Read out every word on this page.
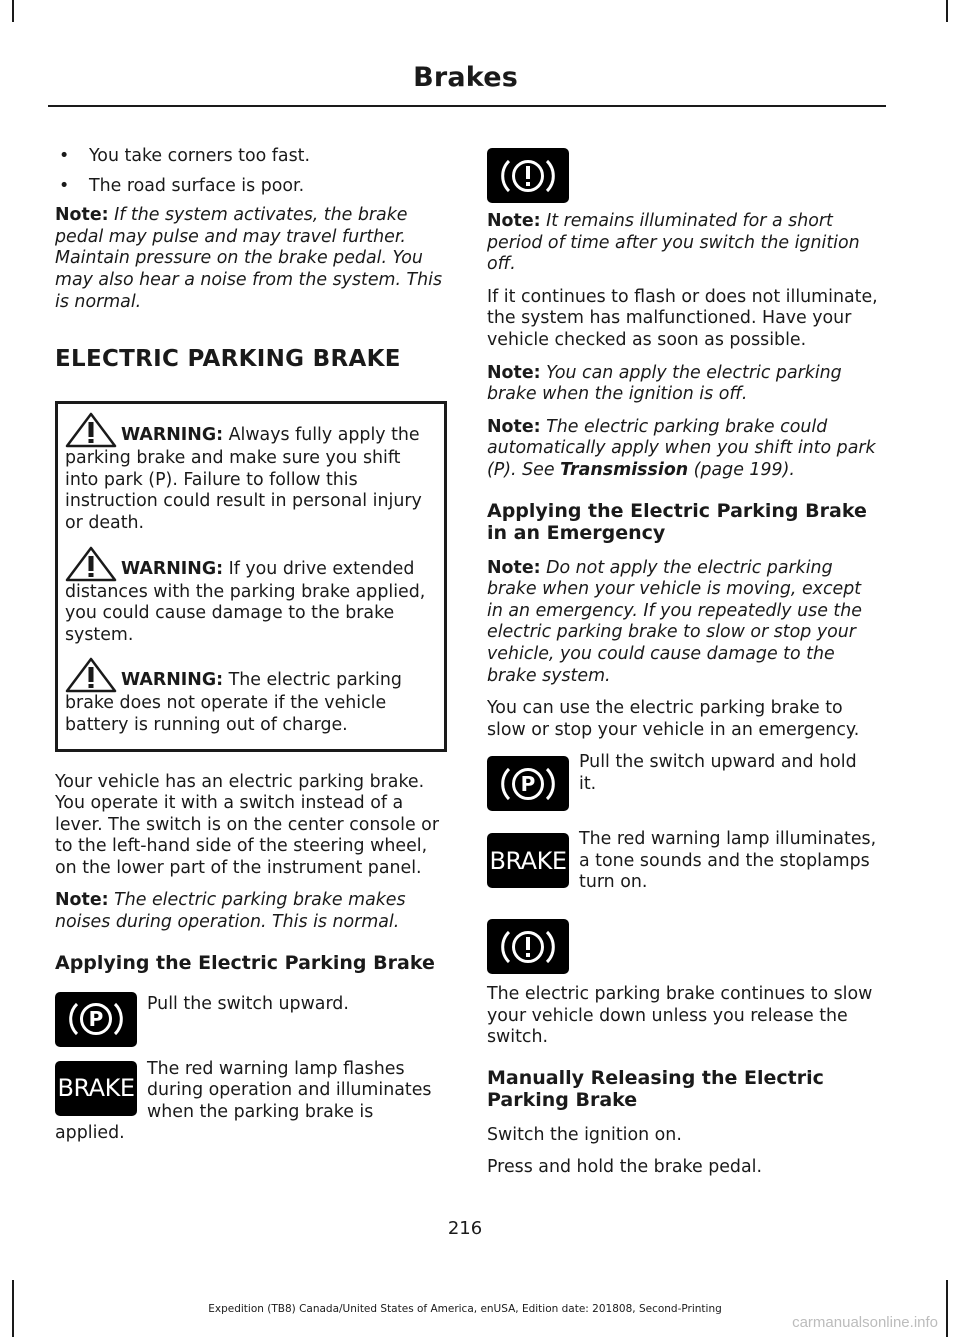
Brakes

• You take corners too fast.

• The road surface is poor.

Note: If the system activates, the brake pedal may pulse and may travel further. Maintain pressure on the brake pedal. You may also hear a noise from the system. This is normal.

ELECTRIC PARKING BRAKE

WARNING: Always fully apply the parking brake and make sure you shift into park (P). Failure to follow this instruction could result in personal injury or death.

WARNING: If you drive extended distances with the parking brake applied, you could cause damage to the brake system.

WARNING: The electric parking brake does not operate if the vehicle battery is running out of charge.

Your vehicle has an electric parking brake. You operate it with a switch instead of a lever. The switch is on the center console or to the left-hand side of the steering wheel, on the lower part of the instrument panel.

Note: The electric parking brake makes noises during operation. This is normal.

Applying the Electric Parking Brake
P

Pull the switch upward.

BRAKE

The red warning lamp flashes during operation and illuminates when the parking brake is applied.

Note: It remains illuminated for a short period of time after you switch the ignition off.

If it continues to flash or does not illuminate, the system has malfunctioned. Have your vehicle checked as soon as possible.

Note: You can apply the electric parking brake when the ignition is off.

Note: The electric parking brake could automatically apply when you shift into park (P). See Transmission (page 199).

Applying the Electric Parking Brake in an Emergency

Note: Do not apply the electric parking brake when your vehicle is moving, except in an emergency. If you repeatedly use the electric parking brake to slow or stop your vehicle, you could cause damage to the brake system.

You can use the electric parking brake to slow or stop your vehicle in an emergency.

P

Pull the switch upward and hold it.

BRAKE

The red warning lamp illuminates, a tone sounds and the stoplamps turn on.

The electric parking brake continues to slow your vehicle down unless you release the switch.

Manually Releasing the Electric Parking Brake

Switch the ignition on.

Press and hold the brake pedal.

216
Expedition (TB8) Canada/United States of America, enUSA, Edition date: 201808, Second-Printing
carmanualsonline.info
